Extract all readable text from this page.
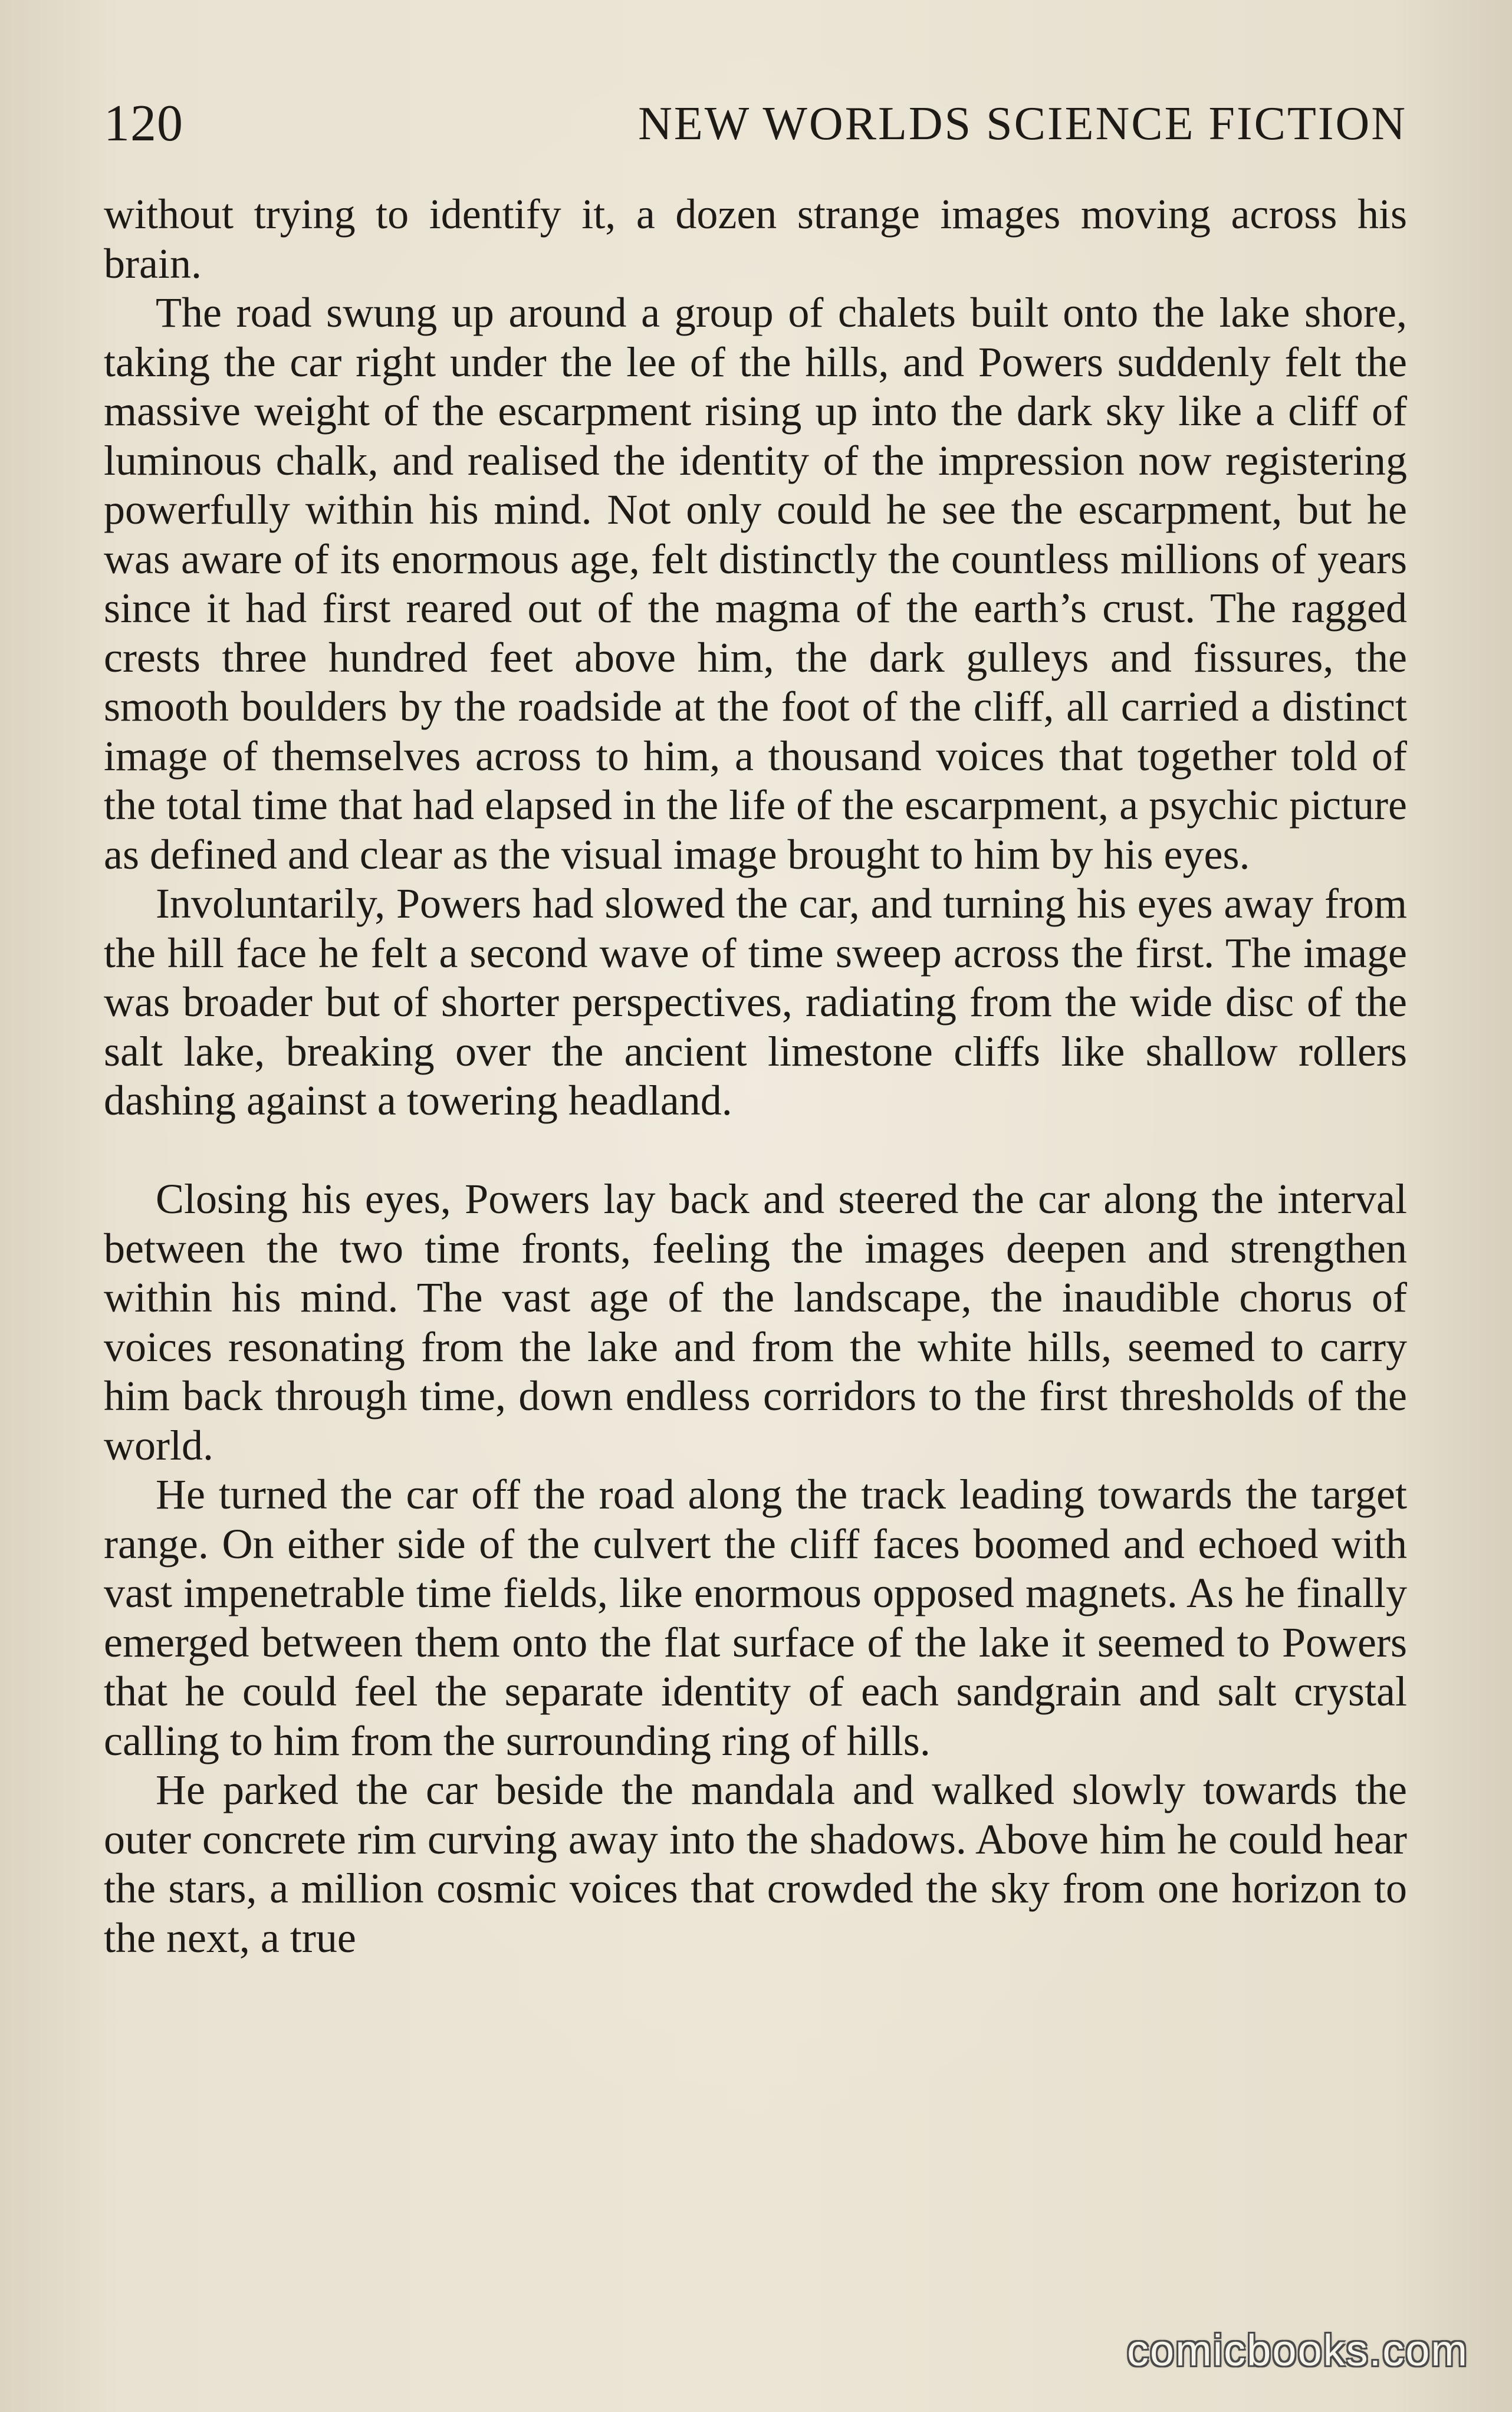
120	NEW WORLDS SCIENCE FICTION

without trying to identify it, a dozen strange images moving across his brain.

The road swung up around a group of chalets built onto the lake shore, taking the car right under the lee of the hills, and Powers suddenly felt the massive weight of the escarpment rising up into the dark sky like a cliff of luminous chalk, and realised the identity of the impression now registering powerfully within his mind. Not only could he see the escarpment, but he was aware of its enormous age, felt distinctly the countless millions of years since it had first reared out of the magma of the earth’s crust. The ragged crests three hundred feet above him, the dark gulleys and fissures, the smooth boulders by the roadside at the foot of the cliff, all carried a distinct image of themselves across to him, a thousand voices that together told of the total time that had elapsed in the life of the escarpment, a psychic picture as defined and clear as the visual image brought to him by his eyes.

Involuntarily, Powers had slowed the car, and turning his eyes away from the hill face he felt a second wave of time sweep across the first. The image was broader but of shorter perspectives, radiating from the wide disc of the salt lake, breaking over the ancient limestone cliffs like shallow rollers dashing against a towering headland.

Closing his eyes, Powers lay back and steered the car along the interval between the two time fronts, feeling the images deepen and strengthen within his mind. The vast age of the landscape, the inaudible chorus of voices resonating from the lake and from the white hills, seemed to carry him back through time, down endless corridors to the first thresholds of the world.

He turned the car off the road along the track leading towards the target range. On either side of the culvert the cliff faces boomed and echoed with vast impenetrable time fields, like enormous opposed magnets. As he finally emerged between them onto the flat surface of the lake it seemed to Powers that he could feel the separate identity of each sandgrain and salt crystal calling to him from the surrounding ring of hills.

He parked the car beside the mandala and walked slowly towards the outer concrete rim curving away into the shadows. Above him he could hear the stars, a million cosmic voices that crowded the sky from one horizon to the next, a true

comicbooks.com
